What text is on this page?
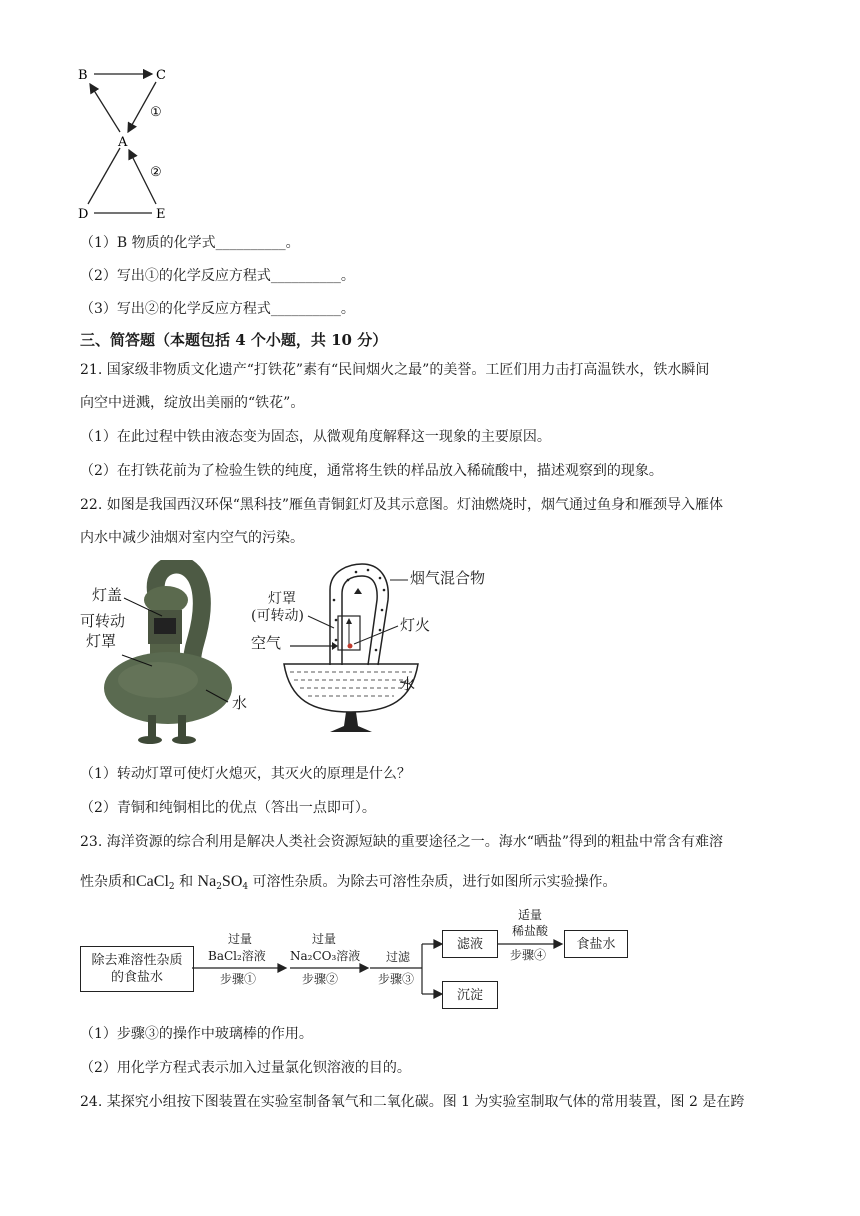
B	C
A
D	E
①
②
（1）B 物质的化学式__________。
（2）写出①的化学反应方程式__________。
（3）写出②的化学反应方程式__________。
三、简答题（本题包括 4 个小题，共 10 分）
21. 国家级非物质文化遗产“打铁花”素有“民间烟火之最”的美誉。工匠们用力击打高温铁水，铁水瞬间
向空中迸溅，绽放出美丽的“铁花”。
（1）在此过程中铁由液态变为固态，从微观角度解释这一现象的主要原因。
（2）在打铁花前为了检验生铁的纯度，通常将生铁的样品放入稀硫酸中，描述观察到的现象。
22. 如图是我国西汉环保“黑科技”雁鱼青铜釭灯及其示意图。灯油燃烧时，烟气通过鱼身和雁颈导入雁体
内水中减少油烟对室内空气的污染。
灯盖
可转动
灯罩
水
烟气混合物
灯罩
(可转动)	灯火
空气
水
（1）转动灯罩可使灯火熄灭，其灭火的原理是什么？
（2）青铜和纯铜相比的优点（答出一点即可）。
23. 海洋资源的综合利用是解决人类社会资源短缺的重要途径之一。海水“晒盐”得到的粗盐中常含有难溶
性杂质和CaCl$_2$ 和 $Na_2SO_4$ 可溶性杂质。为除去可溶性杂质，进行如图所示实验操作。
除去难溶性杂质
的食盐水
过量
BaCl₂溶液
步骤①
过量
Na₂CO₃溶液
步骤②
过滤
步骤③
滤液
沉淀
适量
稀盐酸
步骤④
食盐水
（1）步骤③的操作中玻璃棒的作用。
（2）用化学方程式表示加入过量氯化钡溶液的目的。
24. 某探究小组按下图装置在实验室制备氧气和二氧化碳。图 1 为实验室制取气体的常用装置，图 2 是在跨
